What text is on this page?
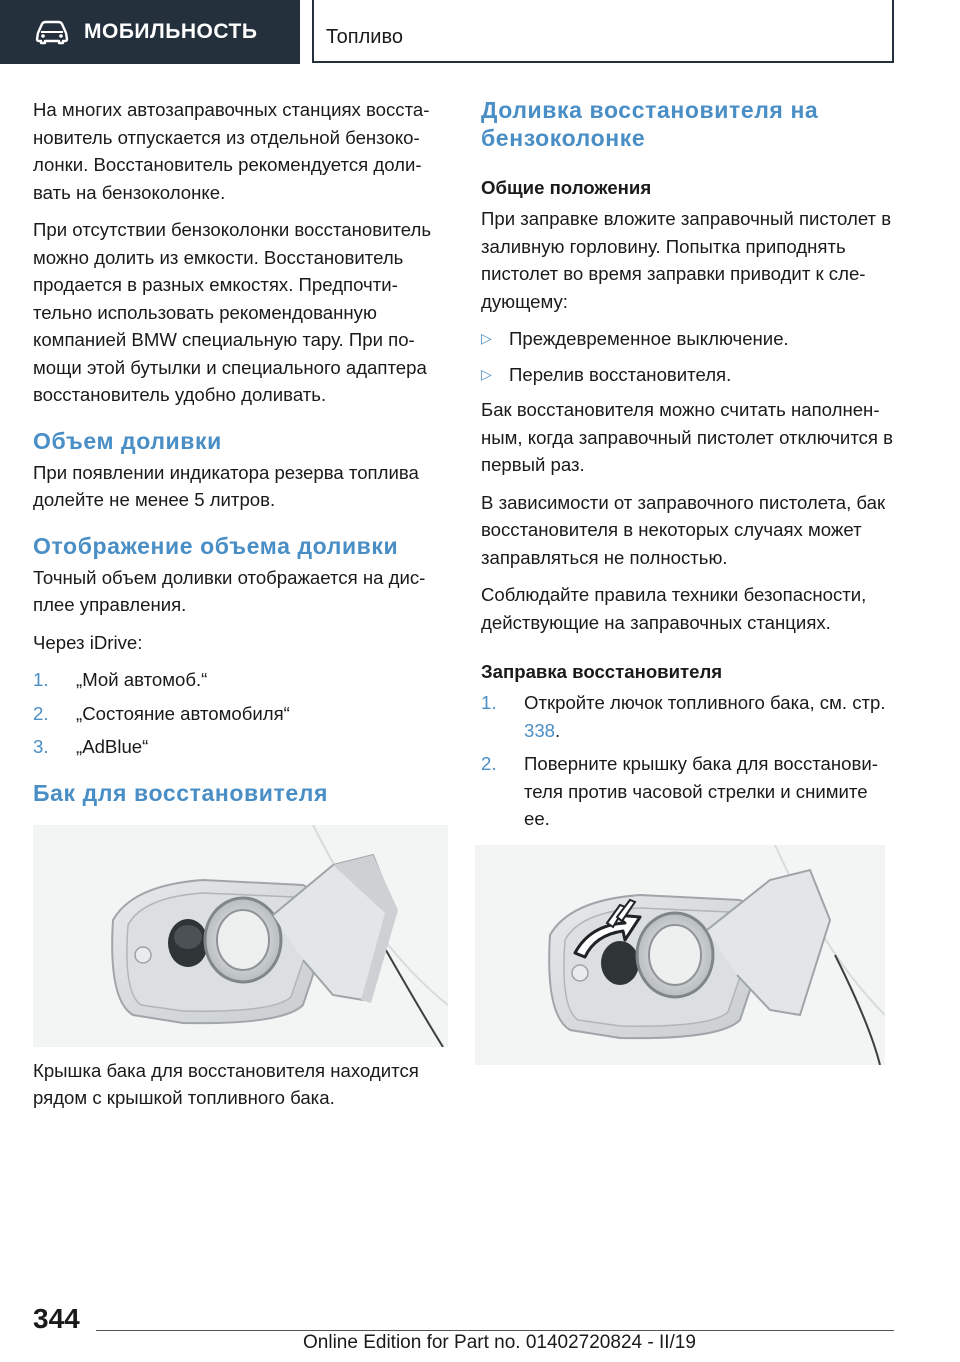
МОБИЛЬНОСТЬ	Топливо

На многих автозаправочных станциях восста-новитель отпускается из отдельной бензоко-лонки. Восстановитель рекомендуется доли-вать на бензоколонке.

При отсутствии бензоколонки восстановитель можно долить из емкости. Восстановитель продается в разных емкостях. Предпочти-тельно использовать рекомендованную компанией BMW специальную тару. При по-мощи этой бутылки и специального адаптера восстановитель удобно доливать.

Объем доливки

При появлении индикатора резерва топлива долейте не менее 5 литров.

Отображение объема доливки

Точный объем доливки отображается на дис-плее управления.

Через iDrive:

1. „Мой автомоб.“
2. „Состояние автомобиля“
3. „AdBlue“
Бак для восстановителя

Крышка бака для восстановителя находится рядом с крышкой топливного бака.

Доливка восстановителя на бензоколонке
Общие положения

При заправке вложите заправочный пистолет в заливную горловину. Попытка приподнять пистолет во время заправки приводит к сле-дующему:

▷ Преждевременное выключение.
▷ Перелив восстановителя.

Бак восстановителя можно считать наполнен-ным, когда заправочный пистолет отключится в первый раз.

В зависимости от заправочного пистолета, бак восстановителя в некоторых случаях может заправляться не полностью.

Соблюдайте правила техники безопасности, действующие на заправочных станциях.

Заправка восстановителя
1. Откройте лючок топливного бака, см. стр. 338.
2. Поверните крышку бака для восстанови-теля против часовой стрелки и снимите ее.
344
Online Edition for Part no. 01402720824 - II/19
